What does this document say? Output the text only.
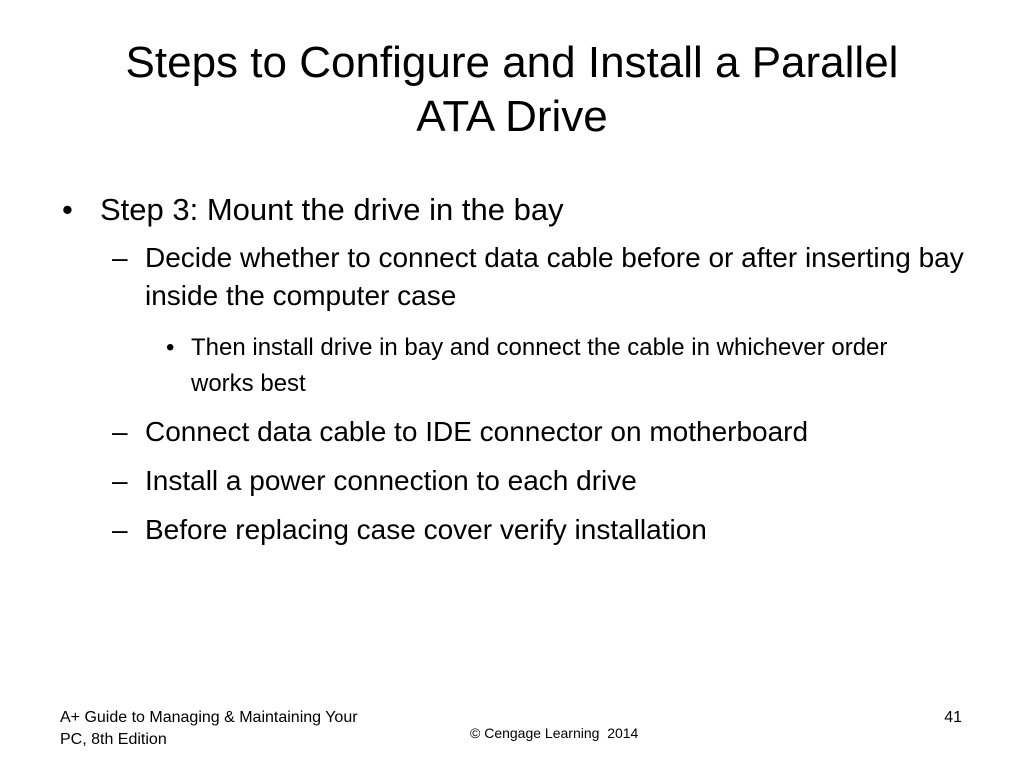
Steps to Configure and Install a Parallel
ATA Drive
• Step 3: Mount the drive in the bay
– Decide whether to connect data cable before or after inserting bay inside the computer case
• Then install drive in bay and connect the cable in whichever order works best
– Connect data cable to IDE connector on motherboard
– Install a power connection to each drive
– Before replacing case cover verify installation
A+ Guide to Managing & Maintaining Your
PC, 8th Edition	© Cengage Learning  2014
41
